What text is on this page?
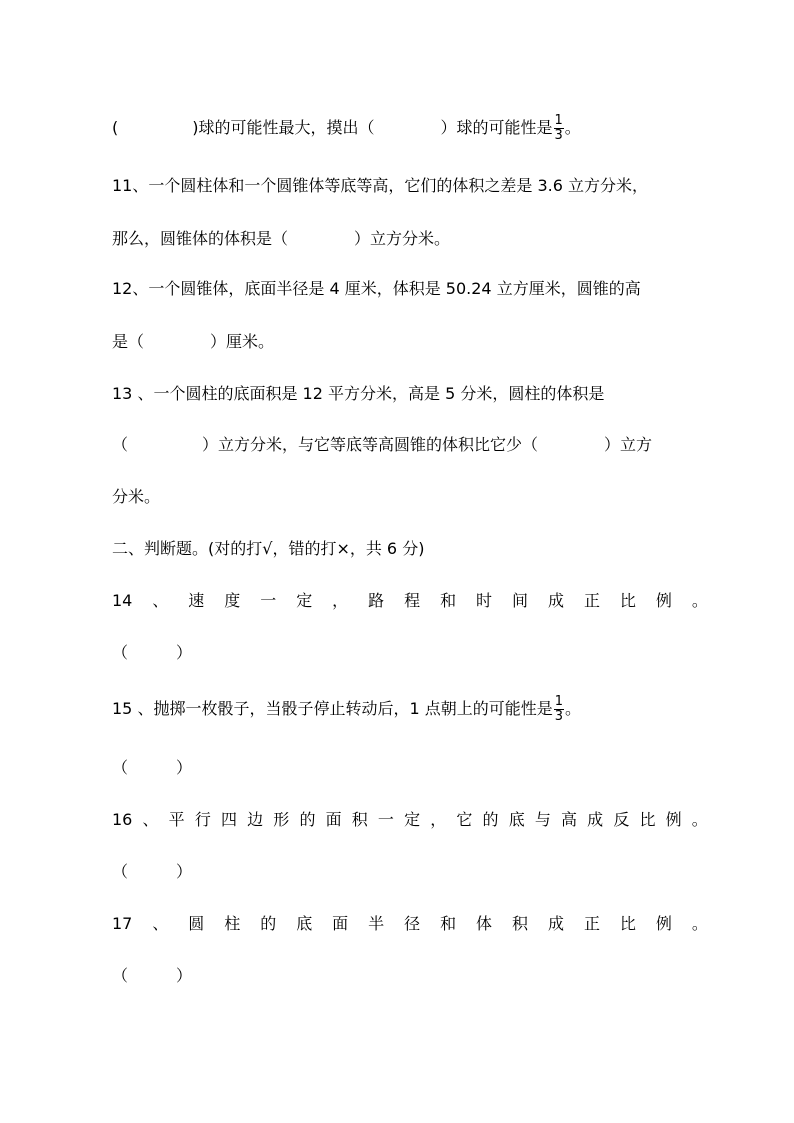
(	)球的可能性最大，摸出（	）球的可能性是 $\frac{1}{3}$ 。
11、一个圆柱体和一个圆锥体等底等高，它们的体积之差是 3.6 立方分米，
那么，圆锥体的体积是（	）立方分米。
12、一个圆锥体，底面半径是 4 厘米，体积是 50.24 立方厘米，圆锥的高
是（	）厘米。
13 、一个圆柱的底面积是 12 平方分米，高是 5 分米，圆柱的体积是
（	）立方分米，与它等底等高圆锥的体积比它少（	）立方
分米。
二、判断题。(对的打√，错的打×，共 6 分)
14 、 速 度 一 定 ， 路 程 和 时 间 成 正 比 例 。
（　　　）
15 、抛掷一枚骰子，当骰子停止转动后，1 点朝上的可能性是 $\frac{1}{3}$ 。
（　　　）
16 、 平 行 四 边 形 的 面 积 一 定 ， 它 的 底 与 高 成 反 比 例 。
（　　　）
17 、 圆 柱 的 底 面 半 径 和 体 积 成 正 比 例 。
（　　　）
